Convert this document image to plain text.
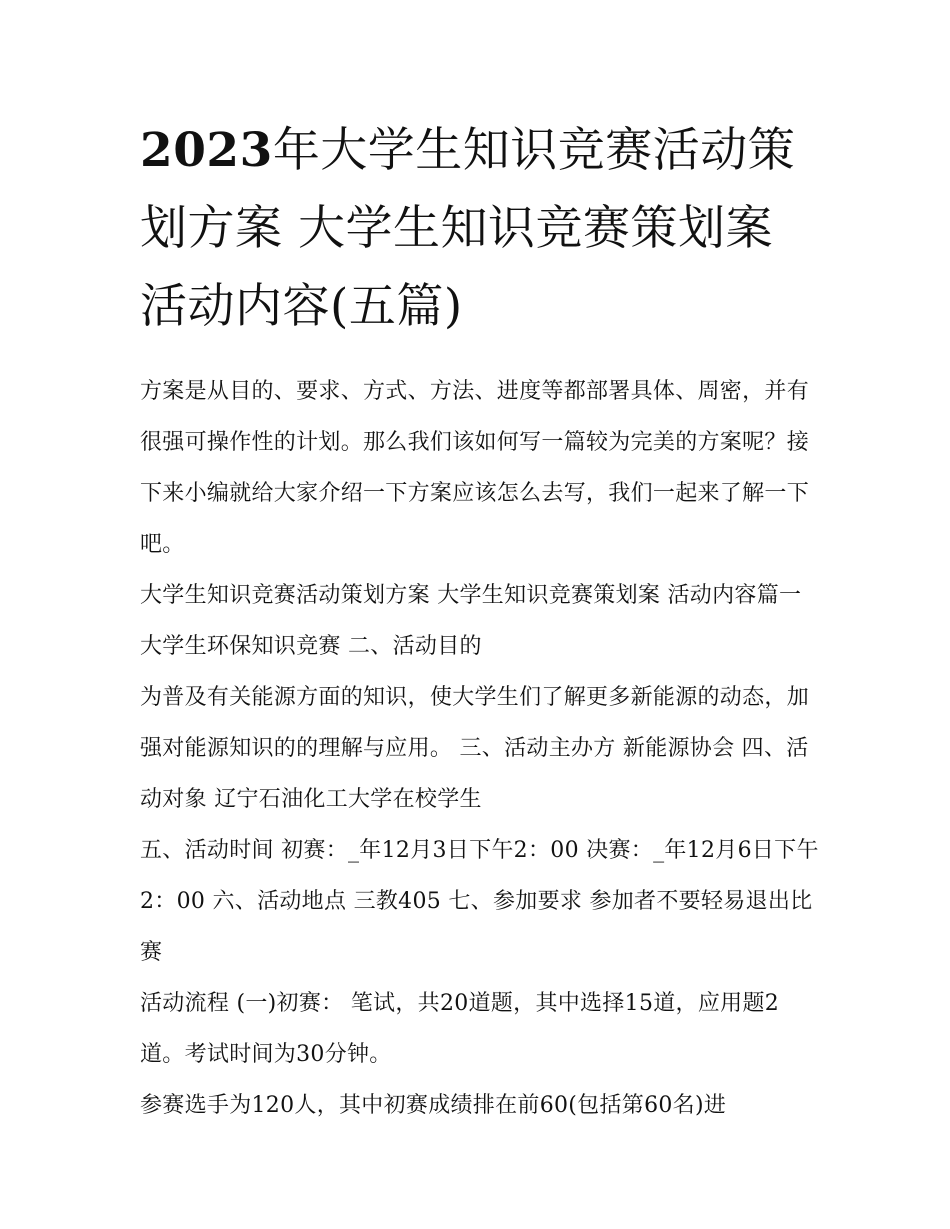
2023年大学生知识竞赛活动策划方案 大学生知识竞赛策划案活动内容(五篇)

方案是从目的、要求、方式、方法、进度等都部署具体、周密，并有很强可操作性的计划。那么我们该如何写一篇较为完美的方案呢？接下来小编就给大家介绍一下方案应该怎么去写，我们一起来了解一下吧。

大学生知识竞赛活动策划方案 大学生知识竞赛策划案 活动内容篇一 大学生环保知识竞赛 二、活动目的

为普及有关能源方面的知识，使大学生们了解更多新能源的动态，加强对能源知识的的理解与应用。 三、活动主办方 新能源协会 四、活动对象 辽宁石油化工大学在校学生

五、活动时间 初赛：_年12月3日下午2：00 决赛：_年12月6日下午2：00 六、活动地点 三教405 七、参加要求 参加者不要轻易退出比赛

活动流程 (一)初赛： 笔试，共20道题，其中选择15道，应用题2道。考试时间为30分钟。

参赛选手为120人，其中初赛成绩排在前60(包括第60名)进
